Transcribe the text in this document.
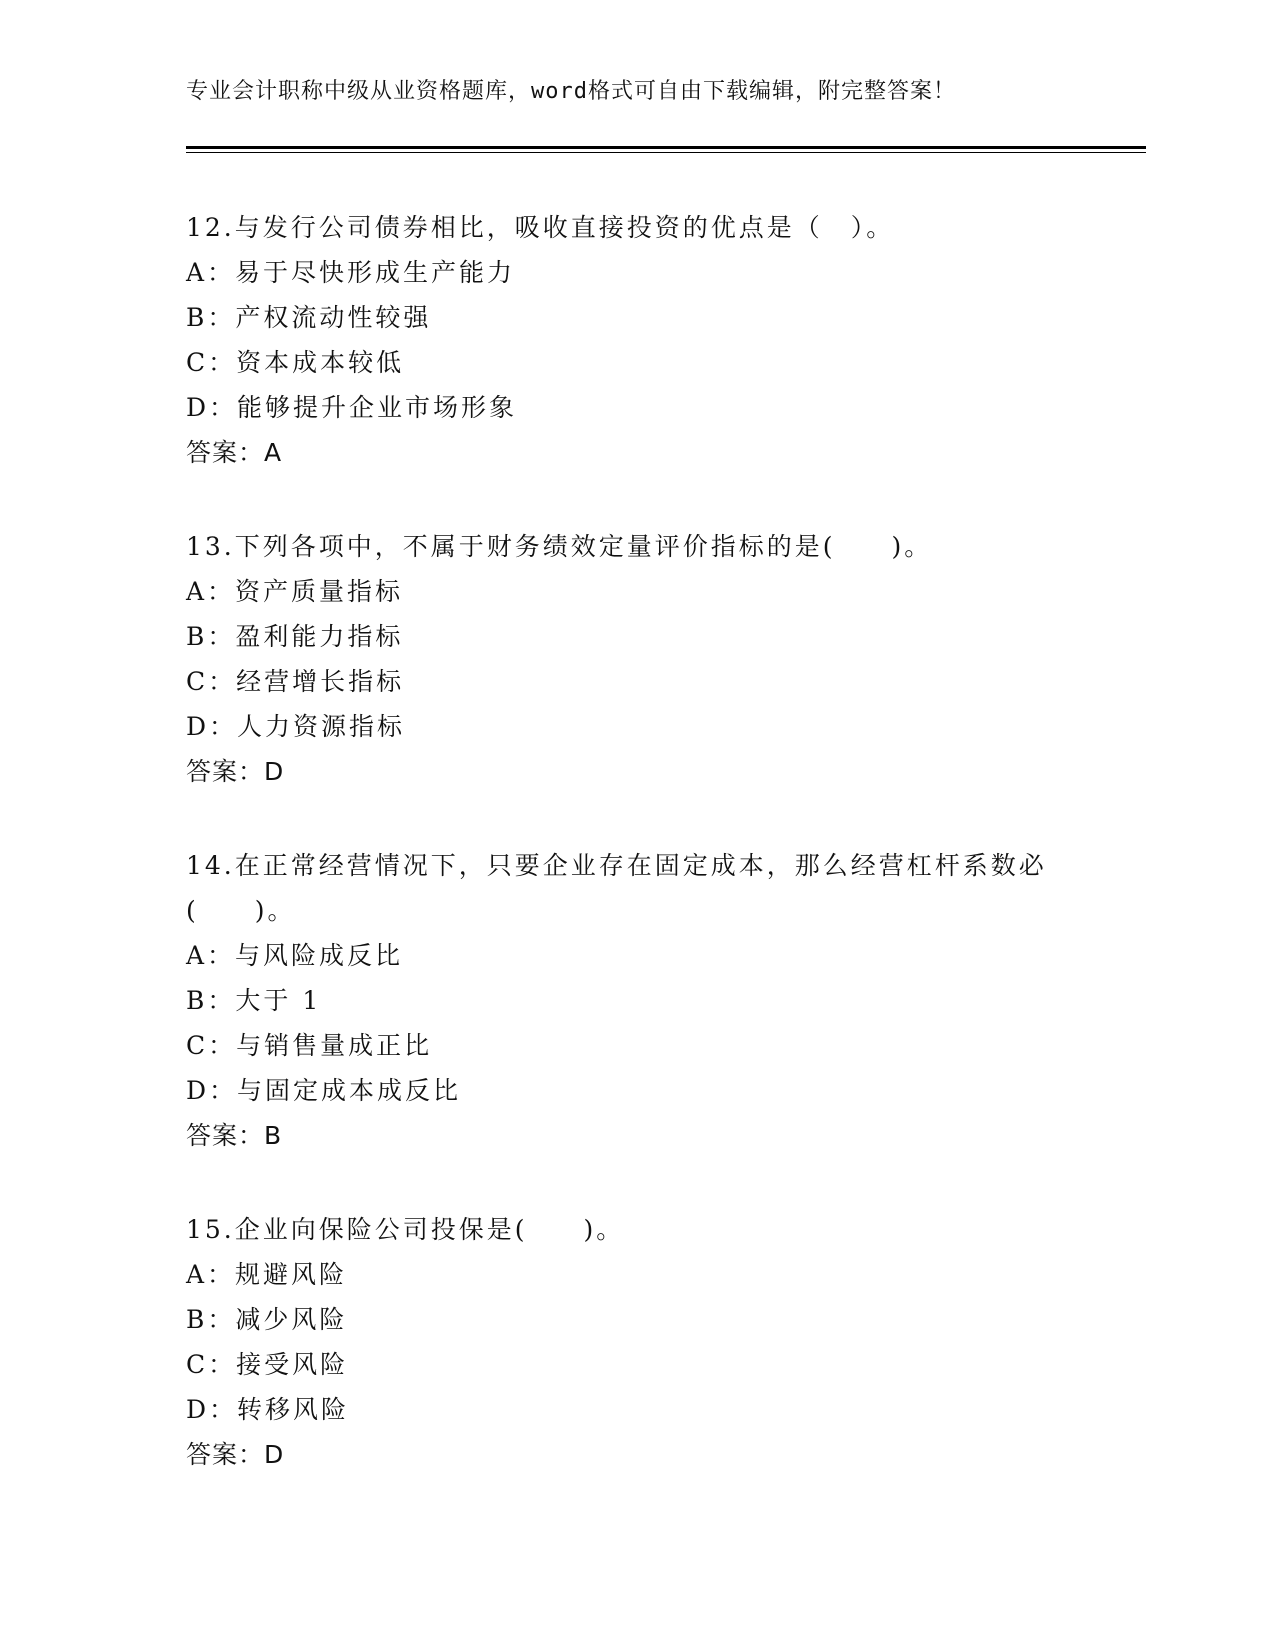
专业会计职称中级从业资格题库，word格式可自由下载编辑，附完整答案！
12.与发行公司债券相比，吸收直接投资的优点是（　）。
A：易于尽快形成生产能力
B：产权流动性较强
C：资本成本较低
D：能够提升企业市场形象
答案：A
13.下列各项中，不属于财务绩效定量评价指标的是(　　)。
A：资产质量指标
B：盈利能力指标
C：经营增长指标
D：人力资源指标
答案：D
14.在正常经营情况下，只要企业存在固定成本，那么经营杠杆系数必
(　　)。
A：与风险成反比
B：大于 1
C：与销售量成正比
D：与固定成本成反比
答案：B
15.企业向保险公司投保是(　　)。
A：规避风险
B：减少风险
C：接受风险
D：转移风险
答案：D
